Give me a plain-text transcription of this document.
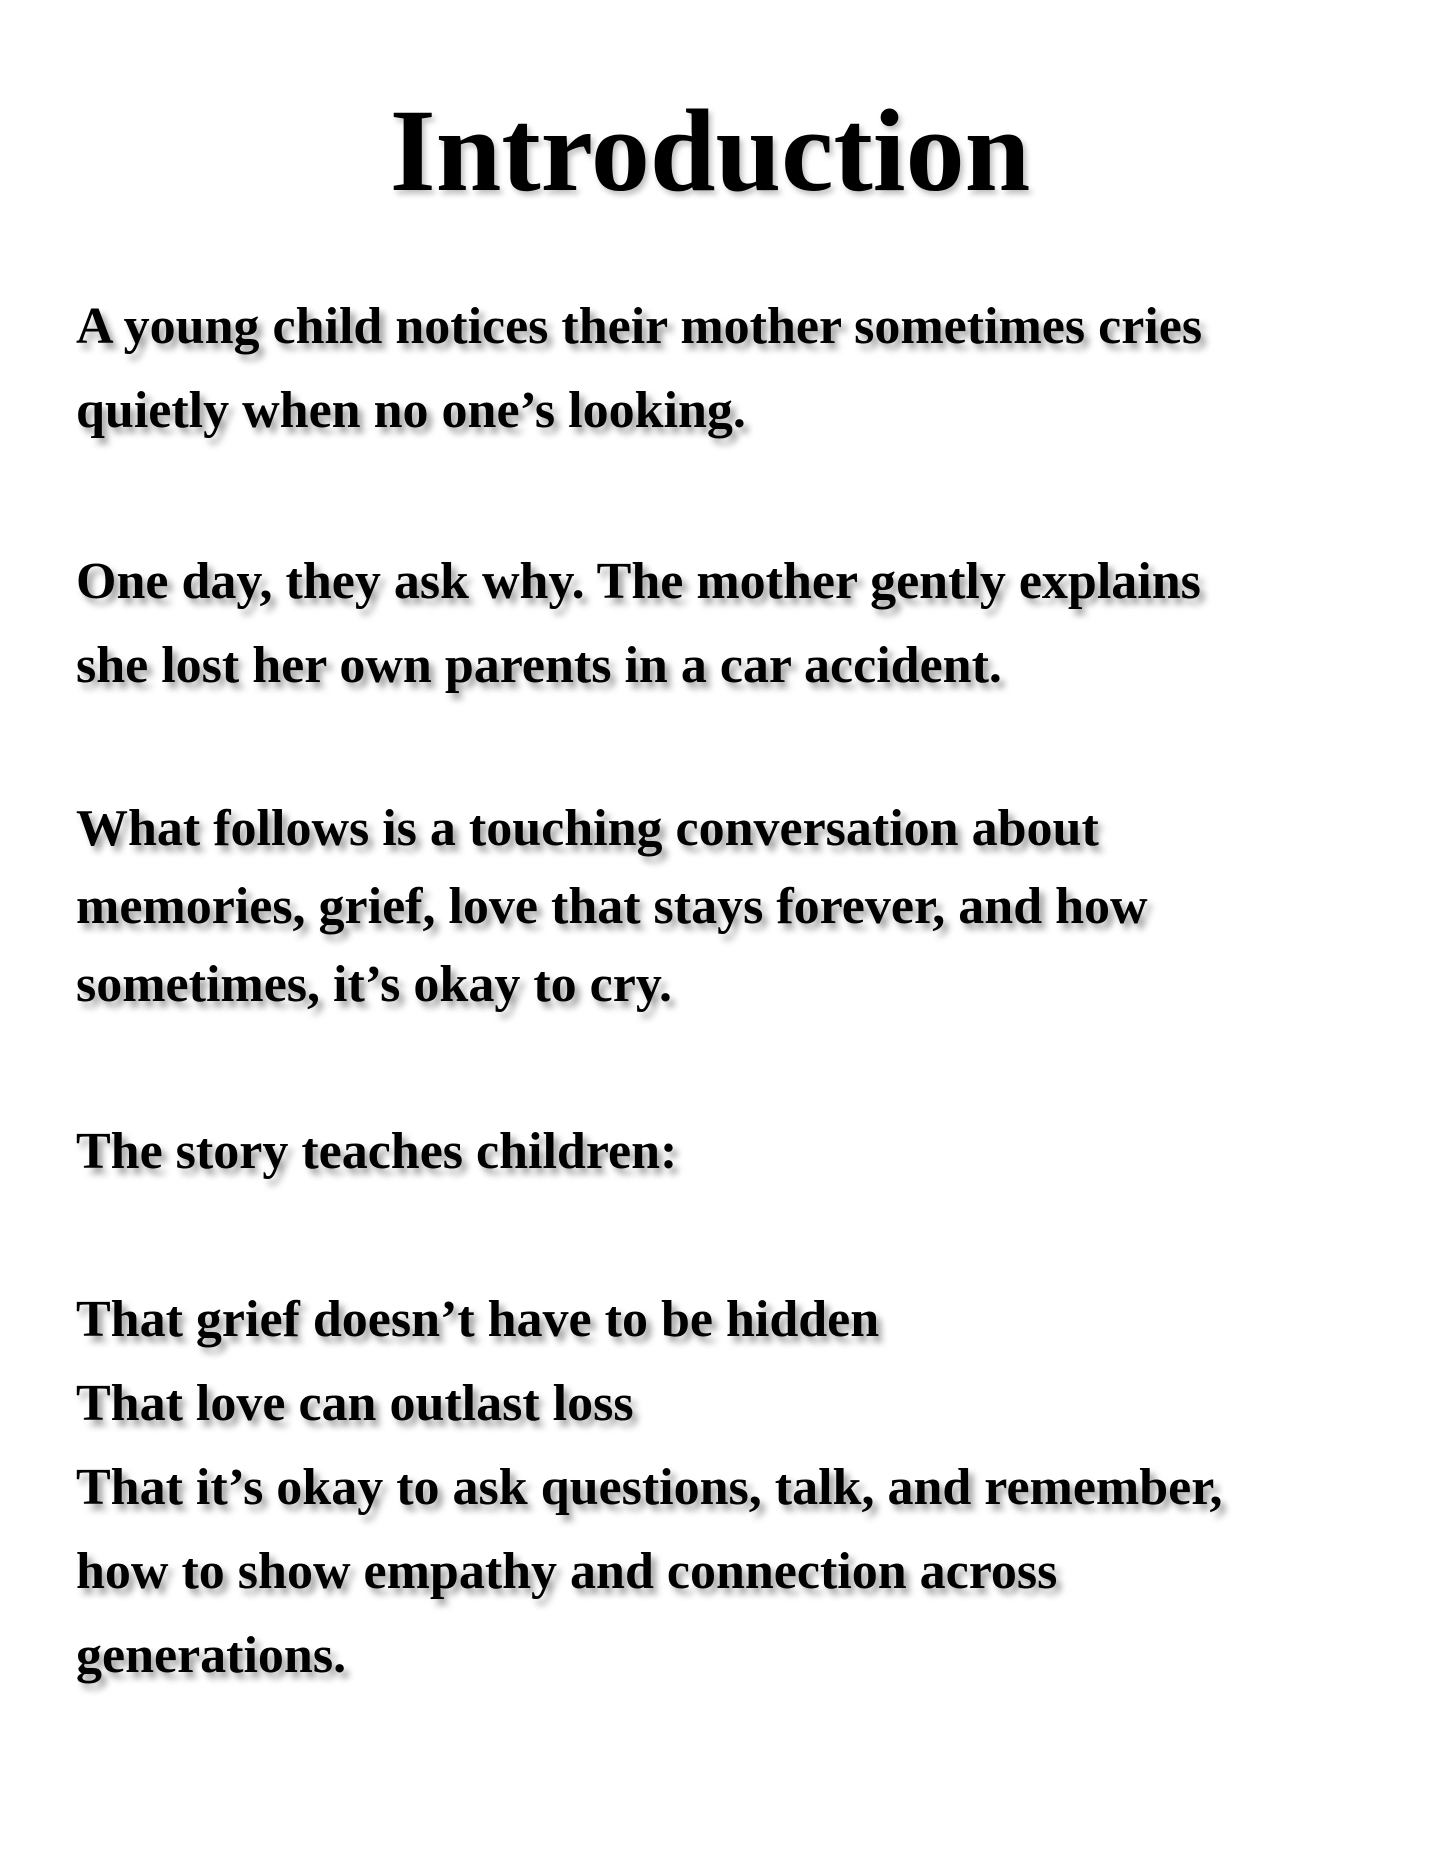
Introduction

A young child notices their mother sometimes cries
quietly when no one’s looking.

One day, they ask why. The mother gently explains
she lost her own parents in a car accident.

What follows is a touching conversation about
memories, grief, love that stays forever, and how
sometimes, it’s okay to cry.

The story teaches children:

That grief doesn’t have to be hidden
That love can outlast loss
That it’s okay to ask questions, talk, and remember,
how to show empathy and connection across
generations.
